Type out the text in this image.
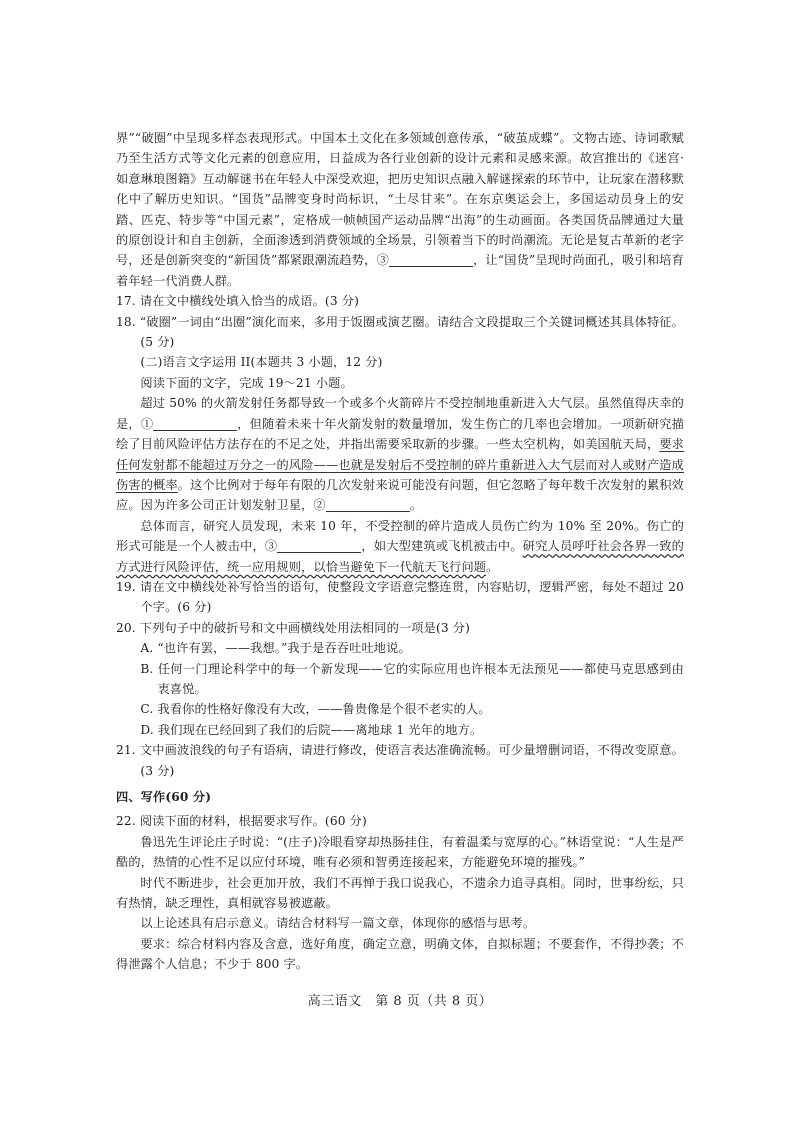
界”“破圈”中呈现多样态表现形式。中国本土文化在多领域创意传承，“破茧成蝶”。文物古迹、诗词歌赋乃至生活方式等文化元素的创意应用，日益成为各行业创新的设计元素和灵感来源。故宫推出的《迷宫·如意琳琅图籍》互动解谜书在年轻人中深受欢迎，把历史知识点融入解谜探索的环节中，让玩家在潜移默化中了解历史知识。“国货”品牌变身时尚标识，“土尽甘来”。在东京奥运会上，多国运动员身上的安踏、匹克、特步等“中国元素”，定格成一帧帧国产运动品牌“出海”的生动画面。各类国货品牌通过大量的原创设计和自主创新，全面渗透到消费领域的全场景，引领着当下的时尚潮流。无论是复古革新的老字号，还是创新突变的“新国货”都紧跟潮流趋势，③	，让“国货”呈现时尚面孔，吸引和培育着年轻一代消费人群。

17. 请在文中横线处填入恰当的成语。(3 分)

18. “破圈”一词由“出圈”演化而来，多用于饭圈或演艺圈。请结合文段提取三个关键词概述其具体特征。(5 分)

(二)语言文字运用 II(本题共 3 小题，12 分)

阅读下面的文字，完成 19～21 小题。

超过 50% 的火箭发射任务都导致一个或多个火箭碎片不受控制地重新进入大气层。虽然值得庆幸的是，①	，但随着未来十年火箭发射的数量增加，发生伤亡的几率也会增加。一项新研究描绘了目前风险评估方法存在的不足之处，并指出需要采取新的步骤。一些太空机构，如美国航天局，要求任何发射都不能超过万分之一的风险——也就是发射后不受控制的碎片重新进入大气层而对人或财产造成伤害的概率。这个比例对于每年有限的几次发射来说可能没有问题，但它忽略了每年数千次发射的累积效应。因为许多公司正计划发射卫星，②	。

总体而言，研究人员发现，未来 10 年，不受控制的碎片造成人员伤亡约为 10% 至 20%。伤亡的形式可能是一个人被击中，③	，如大型建筑或飞机被击中。研究人员呼吁社会各界一致的方式进行风险评估，统一应用规则，以恰当避免下一代航天飞行问题。

19. 请在文中横线处补写恰当的语句，使整段文字语意完整连贯，内容贴切，逻辑严密，每处不超过 20 个字。(6 分)

20. 下列句子中的破折号和文中画横线处用法相同的一项是(3 分)

A. “也许有罢，——我想。”我于是吞吞吐吐地说。

B. 任何一门理论科学中的每一个新发现——它的实际应用也许根本无法预见——都使马克思感到由衷喜悦。

C. 我看你的性格好像没有大改，——鲁贵像是个很不老实的人。

D. 我们现在已经回到了我们的后院——离地球 1 光年的地方。

21. 文中画波浪线的句子有语病，请进行修改，使语言表达准确流畅。可少量增删词语，不得改变原意。(3 分)

四、写作(60 分)

22. 阅读下面的材料，根据要求写作。(60 分)

鲁迅先生评论庄子时说：“(庄子)冷眼看穿却热肠挂住，有着温柔与宽厚的心。”林语堂说：“人生是严酷的，热情的心性不足以应付环境，唯有必须和智勇连接起来，方能避免环境的摧残。”

时代不断进步，社会更加开放，我们不再惮于我口说我心，不遗余力追寻真相。同时，世事纷纭，只有热情，缺乏理性，真相就容易被遮蔽。

以上论述具有启示意义。请结合材料写一篇文章，体现你的感悟与思考。

要求：综合材料内容及含意，选好角度，确定立意，明确文体，自拟标题；不要套作，不得抄袭；不得泄露个人信息；不少于 800 字。

高三语文　第 8 页（共 8 页）
